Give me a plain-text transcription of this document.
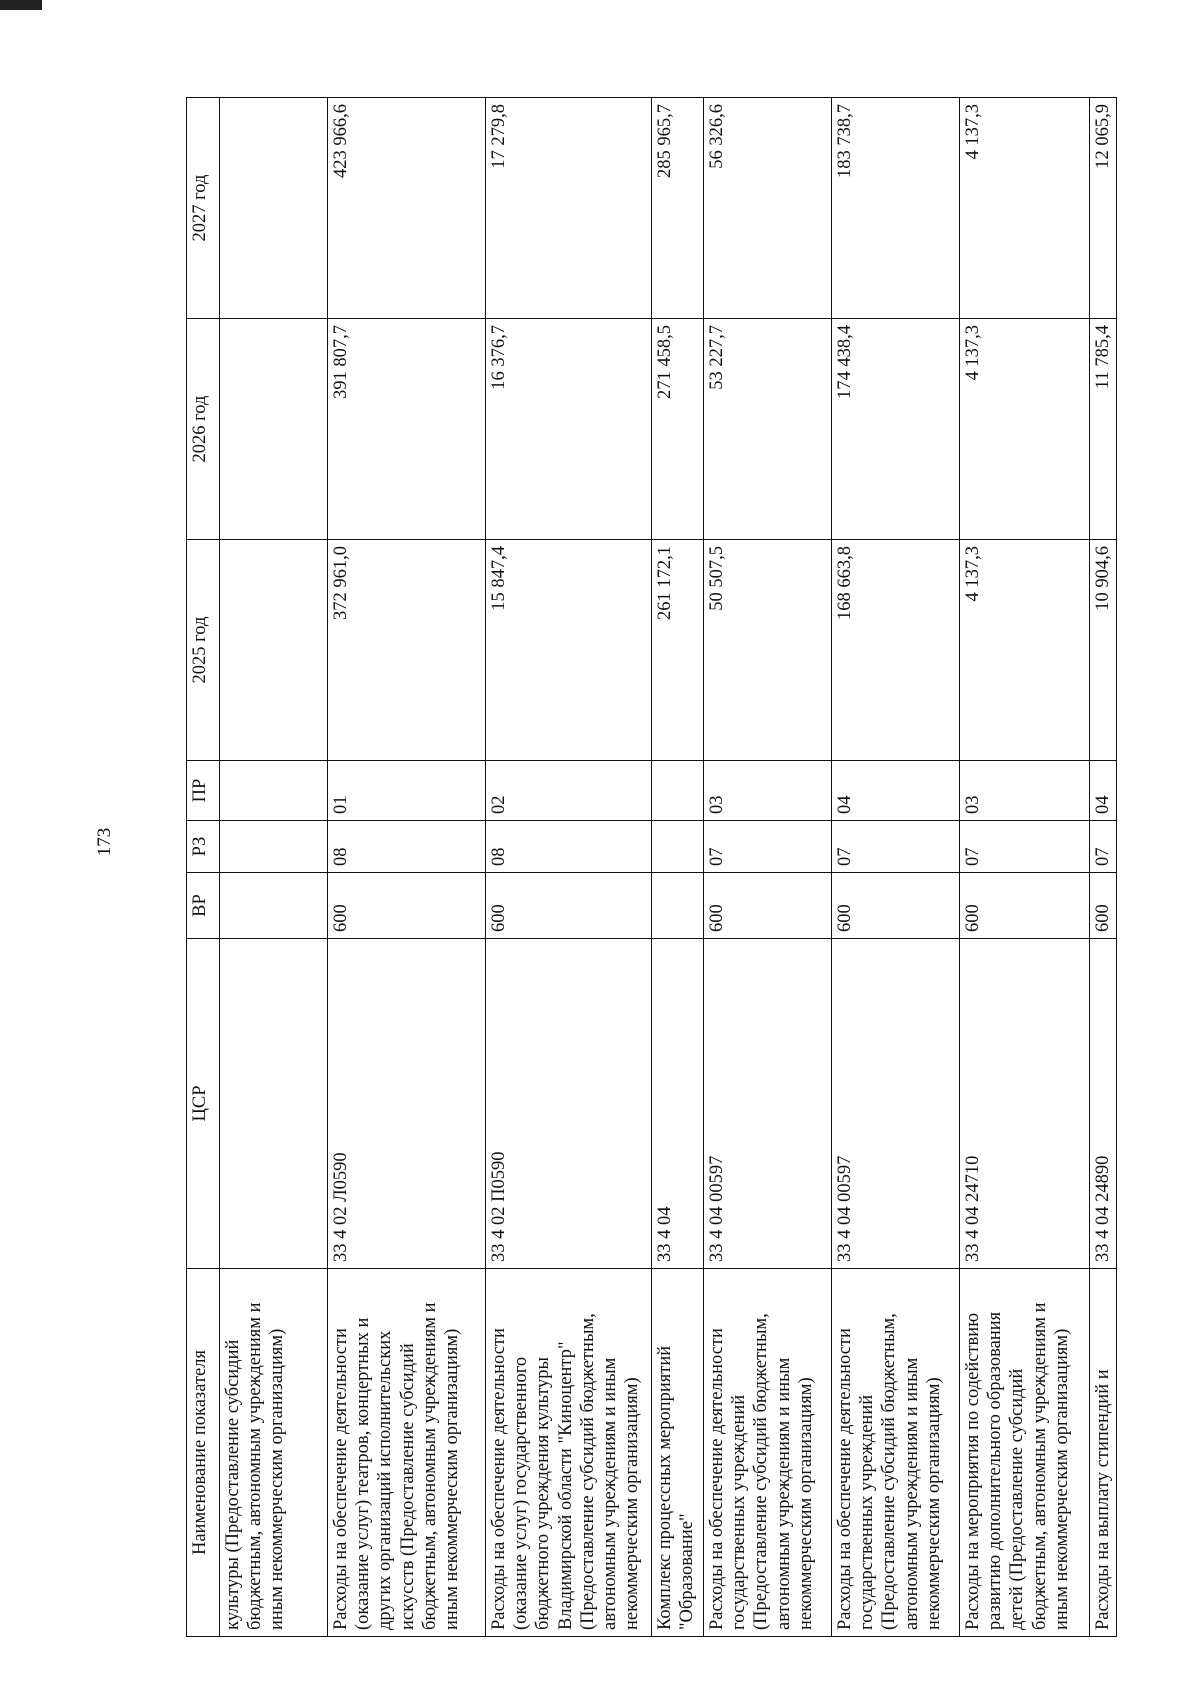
173
Наименование показателя	ЦСР	ВР	РЗ	ПР	2025 год	2026 год	2027 год
культуры (Предоставление субсидий бюджетным, автономным учреждениям и иным некоммерческим организациям)							
Расходы на обеспечение деятельности (оказание услуг) театров, концертных и других организаций исполнительских искусств (Предоставление субсидий бюджетным, автономным учреждениям и иным некоммерческим организациям)	33 4 02 Л0590	600	08	01	372 961,0	391 807,7	423 966,6
Расходы на обеспечение деятельности (оказание услуг) государственного бюджетного учреждения культуры Владимирской области "Киноцентр" (Предоставление субсидий бюджетным, автономным учреждениям и иным некоммерческим организациям)	33 4 02 П0590	600	08	02	15 847,4	16 376,7	17 279,8
Комплекс процессных мероприятий "Образование"	33 4 04				261 172,1	271 458,5	285 965,7
Расходы на обеспечение деятельности государственных учреждений (Предоставление субсидий бюджетным, автономным учреждениям и иным некоммерческим организациям)	33 4 04 00597	600	07	03	50 507,5	53 227,7	56 326,6
Расходы на обеспечение деятельности государственных учреждений (Предоставление субсидий бюджетным, автономным учреждениям и иным некоммерческим организациям)	33 4 04 00597	600	07	04	168 663,8	174 438,4	183 738,7
Расходы на мероприятия по содействию развитию дополнительного образования детей (Предоставление субсидий бюджетным, автономным учреждениям и иным некоммерческим организациям)	33 4 04 24710	600	07	03	4 137,3	4 137,3	4 137,3
Расходы на выплату стипендий и	33 4 04 24890	600	07	04	10 904,6	11 785,4	12 065,9
